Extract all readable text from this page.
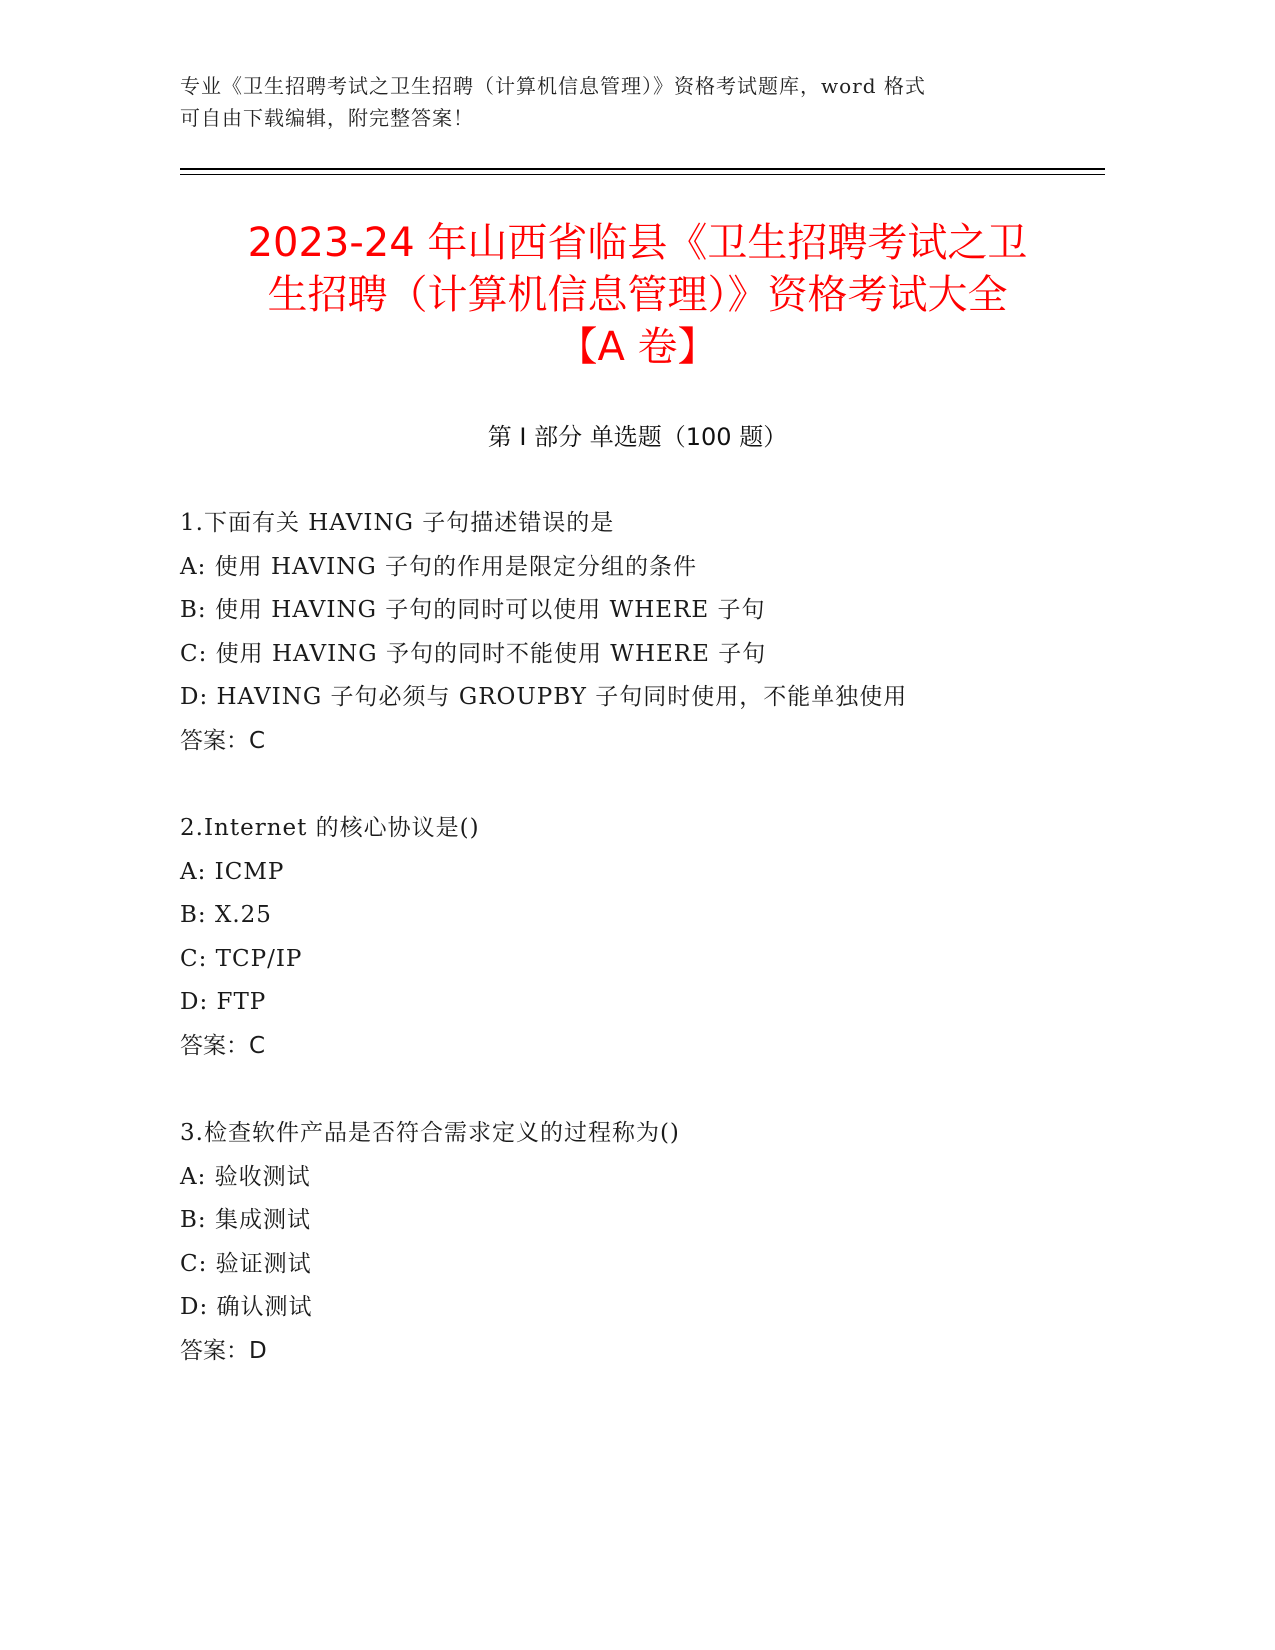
专业《卫生招聘考试之卫生招聘（计算机信息管理）》资格考试题库，word 格式
可自由下载编辑，附完整答案！
2023-24 年山西省临县《卫生招聘考试之卫
生招聘（计算机信息管理）》资格考试大全
【A 卷】
第 I 部分 单选题（100 题）
1.下面有关 HAVING 子句描述错误的是
A: 使用 HAVING 子句的作用是限定分组的条件
B: 使用 HAVING 子句的同时可以使用 WHERE 子句
C: 使用 HAVING 予句的同时不能使用 WHERE 子句
D: HAVING 子句必须与 GROUPBY 子句同时使用，不能单独使用
答案：C
2.Internet 的核心协议是()
A: ICMP
B: X.25
C: TCP/IP
D: FTP
答案：C
3.检查软件产品是否符合需求定义的过程称为()
A: 验收测试
B: 集成测试
C: 验证测试
D: 确认测试
答案：D
